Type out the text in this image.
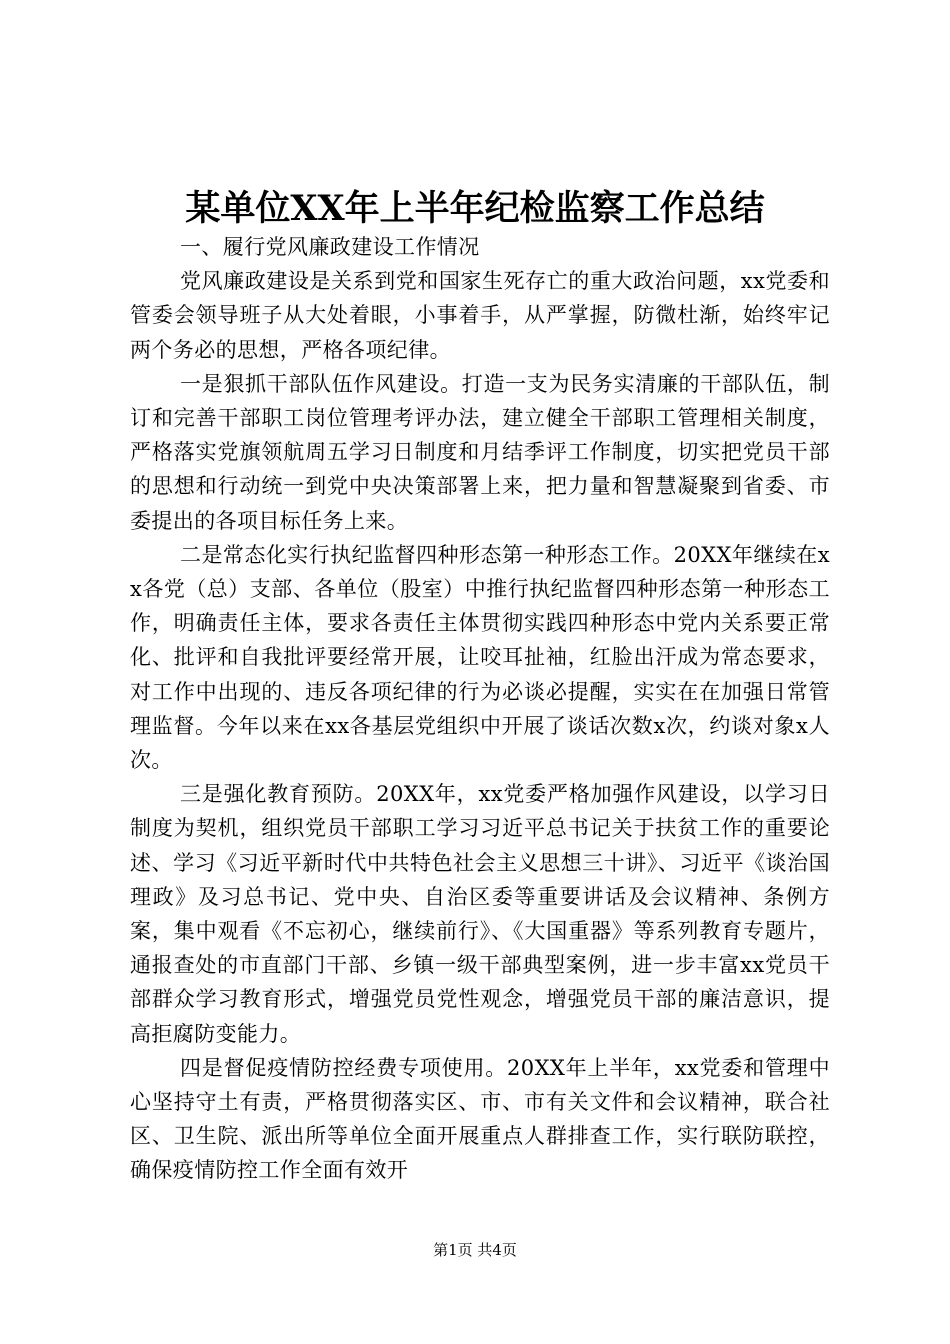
某单位XX年上半年纪检监察工作总结

一、履行党风廉政建设工作情况

党风廉政建设是关系到党和国家生死存亡的重大政治问题，xx党委和管委会领导班子从大处着眼，小事着手，从严掌握，防微杜渐，始终牢记两个务必的思想，严格各项纪律。

一是狠抓干部队伍作风建设。打造一支为民务实清廉的干部队伍，制订和完善干部职工岗位管理考评办法，建立健全干部职工管理相关制度，严格落实党旗领航周五学习日制度和月结季评工作制度，切实把党员干部的思想和行动统一到党中央决策部署上来，把力量和智慧凝聚到省委、市委提出的各项目标任务上来。

二是常态化实行执纪监督四种形态第一种形态工作。20XX年继续在xx各党（总）支部、各单位（股室）中推行执纪监督四种形态第一种形态工作，明确责任主体，要求各责任主体贯彻实践四种形态中党内关系要正常化、批评和自我批评要经常开展，让咬耳扯袖，红脸出汗成为常态要求，对工作中出现的、违反各项纪律的行为必谈必提醒，实实在在加强日常管理监督。今年以来在xx各基层党组织中开展了谈话次数x次，约谈对象x人次。

三是强化教育预防。20XX年，xx党委严格加强作风建设，以学习日制度为契机，组织党员干部职工学习习近平总书记关于扶贫工作的重要论述、学习《习近平新时代中共特色社会主义思想三十讲》、习近平《谈治国理政》及习总书记、党中央、自治区委等重要讲话及会议精神、条例方案，集中观看《不忘初心，继续前行》、《大国重器》等系列教育专题片，通报查处的市直部门干部、乡镇一级干部典型案例，进一步丰富xx党员干部群众学习教育形式，增强党员党性观念，增强党员干部的廉洁意识，提高拒腐防变能力。

四是督促疫情防控经费专项使用。20XX年上半年，xx党委和管理中心坚持守土有责，严格贯彻落实区、市、市有关文件和会议精神，联合社区、卫生院、派出所等单位全面开展重点人群排查工作，实行联防联控，确保疫情防控工作全面有效开

第1页 共4页
